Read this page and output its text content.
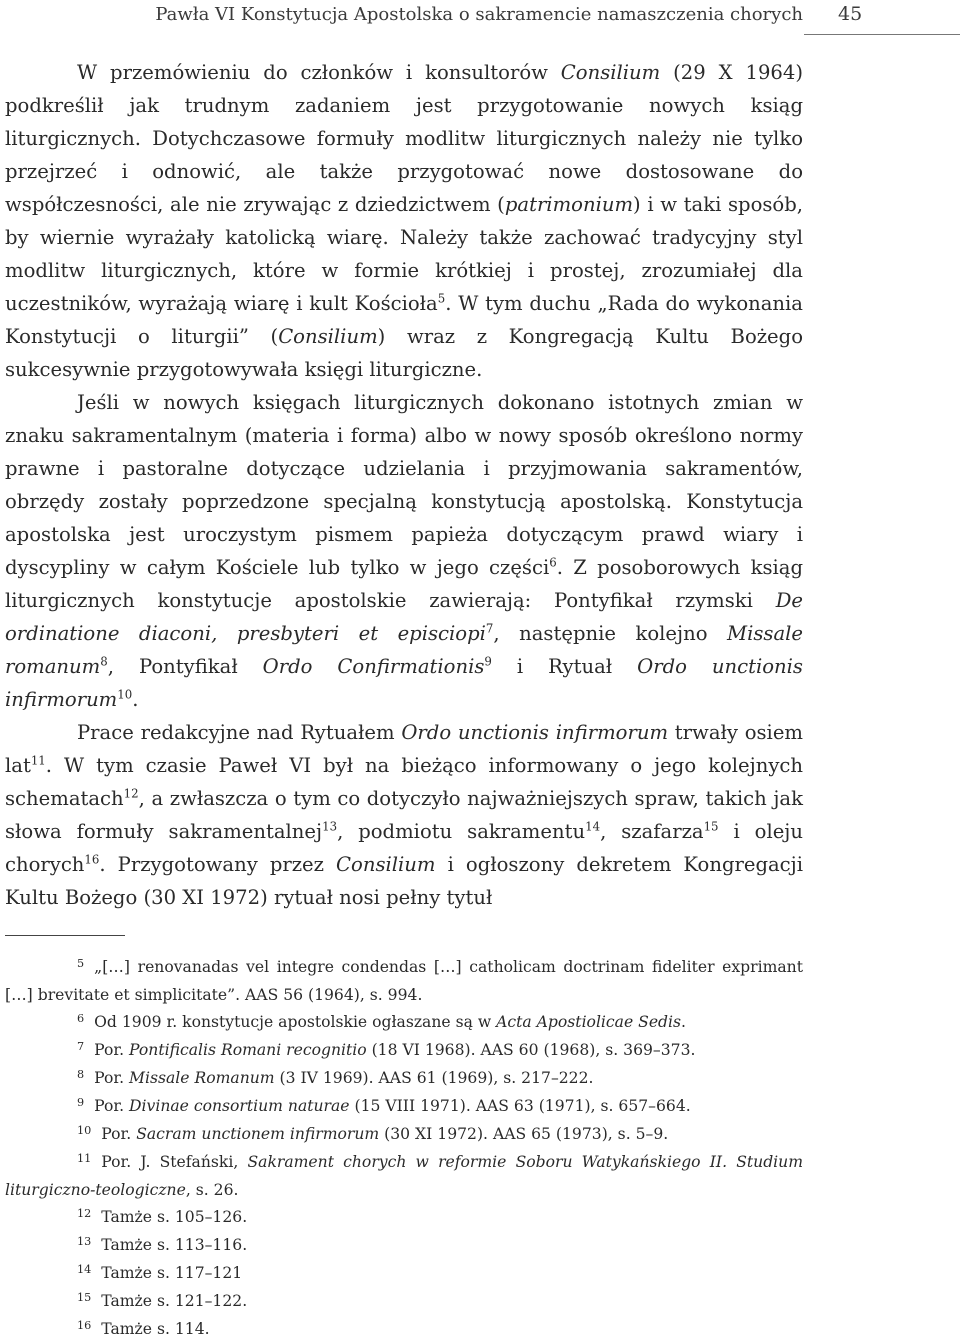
Pawła VI Konstytucja Apostolska o sakramencie namaszczenia chorych 45

W przemówieniu do członków i konsultorów Consilium (29 X 1964) podkreślił jak trudnym zadaniem jest przygotowanie nowych ksiąg liturgicznych. Dotychczasowe formuły modlitw liturgicznych należy nie tylko przejrzeć i odnowić, ale także przygotować nowe dostosowane do współczesności, ale nie zrywając z dziedzictwem (patrimonium) i w taki sposób, by wiernie wyrażały katolicką wiarę. Należy także zachować tradycyjny styl modlitw liturgicznych, które w formie krótkiej i prostej, zrozumiałej dla uczestników, wyrażają wiarę i kult Kościoła$^5$. W tym duchu „Rada do wykonania Konstytucji o liturgii” (Consilium) wraz z Kongregacją Kultu Bożego sukcesywnie przygotowywała księgi liturgiczne.

Jeśli w nowych księgach liturgicznych dokonano istotnych zmian w znaku sakramentalnym (materia i forma) albo w nowy sposób określono normy prawne i pastoralne dotyczące udzielania i przyjmowania sakramentów, obrzędy zostały poprzedzone specjalną konstytucją apostolską. Konstytucja apostolska jest uroczystym pismem papieża dotyczącym prawd wiary i dyscypliny w całym Kościele lub tylko w jego części$^6$. Z posoborowych ksiąg liturgicznych konstytucje apostolskie zawierają: Pontyfikał rzymski De ordinatione diaconi, presbyteri et episciopi$^7$, następnie kolejno Missale romanum$^8$, Pontyfikał Ordo Confirmationis$^9$ i Rytuał Ordo unctionis infirmorum$^{10}$.

Prace redakcyjne nad Rytuałem Ordo unctionis infirmorum trwały osiem lat$^{11}$. W tym czasie Paweł VI był na bieżąco informowany o jego kolejnych schematach$^{12}$, a zwłaszcza o tym co dotyczyło najważniejszych spraw, takich jak słowa formuły sakramentalnej$^{13}$, podmiotu sakramentu$^{14}$, szafarza$^{15}$ i oleju chorych$^{16}$. Przygotowany przez Consilium i ogłoszony dekretem Kongregacji Kultu Bożego (30 XI 1972) rytuał nosi pełny tytuł

$^5$ „[…] renovanadas vel integre condendas […] catholicam doctrinam fideliter exprimant […] brevitate et simplicitate”. AAS 56 (1964), s. 994.

$^6$ Od 1909 r. konstytucje apostolskie ogłaszane są w Acta Apostiolicae Sedis.

$^7$ Por. Pontificalis Romani recognitio (18 VI 1968). AAS 60 (1968), s. 369–373.

$^8$ Por. Missale Romanum (3 IV 1969). AAS 61 (1969), s. 217–222.

$^9$ Por. Divinae consortium naturae (15 VIII 1971). AAS 63 (1971), s. 657–664.

$^{10}$ Por. Sacram unctionem infirmorum (30 XI 1972). AAS 65 (1973), s. 5–9.

$^{11}$ Por. J. Stefański, Sakrament chorych w reformie Soboru Watykańskiego II. Studium liturgiczno-teologiczne, s. 26.

$^{12}$ Tamże s. 105–126.

$^{13}$ Tamże s. 113–116.

$^{14}$ Tamże s. 117–121

$^{15}$ Tamże s. 121–122.

$^{16}$ Tamże s. 114.
